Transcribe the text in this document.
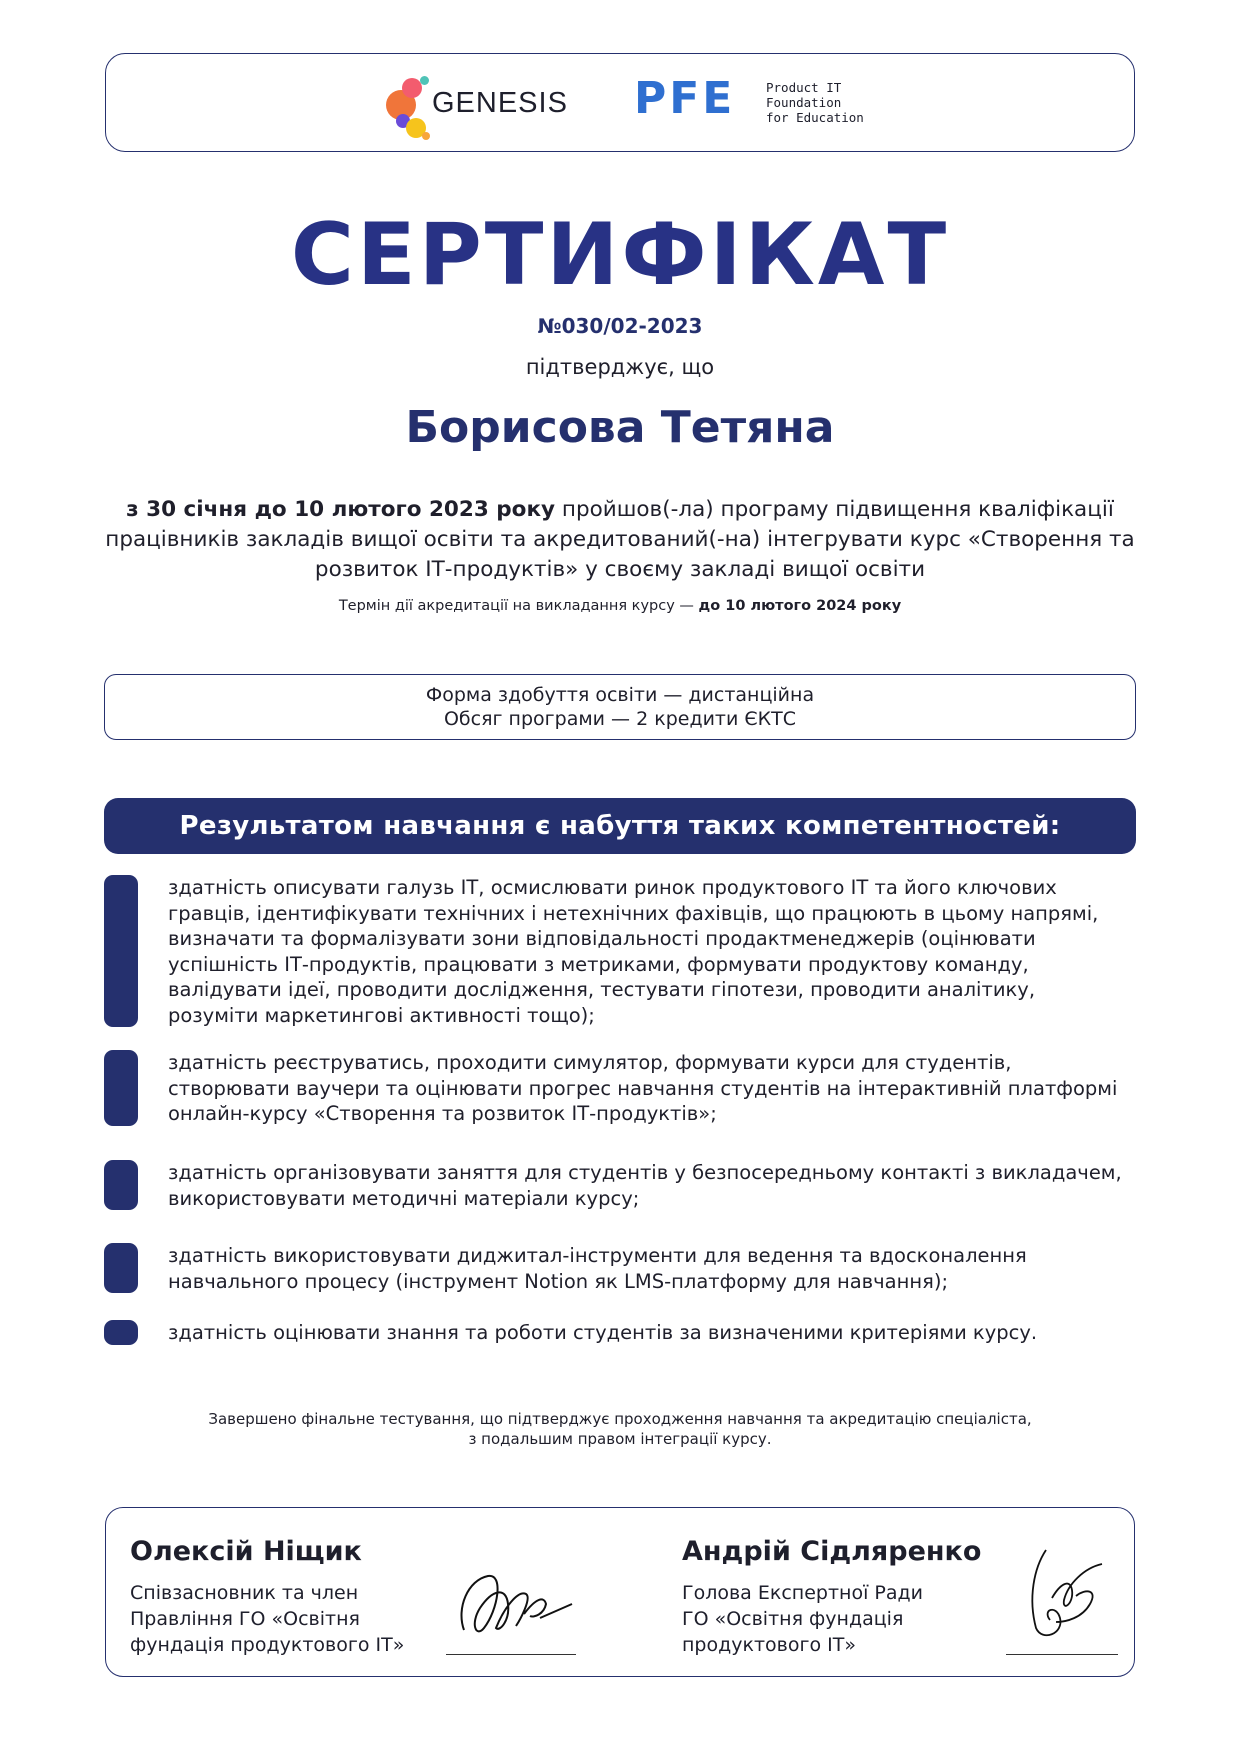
GENESIS PFE Product IT
Foundation
for Education
СЕРТИФІКАТ
№030/02-2023
підтверджує, що
Борисова Тетяна
з 30 січня до 10 лютого 2023 року пройшов(-ла) програму підвищення кваліфікації працівників закладів вищої освіти та акредитований(-на) інтегрувати курс «Створення та розвиток ІТ-продуктів» у своєму закладі вищої освіти
Термін дії акредитації на викладання курсу — до 10 лютого 2024 року
Форма здобуття освіти — дистанційна
Обсяг програми — 2 кредити ЄКТС
Результатом навчання є набуття таких компетентностей:
здатність описувати галузь ІТ, осмислювати ринок продуктового ІТ та його ключових гравців, ідентифікувати технічних і нетехнічних фахівців, що працюють в цьому напрямі, визначати та формалізувати зони відповідальності продактменеджерів (оцінювати успішність ІТ-продуктів, працювати з метриками, формувати продуктову команду, валідувати ідеї, проводити дослідження, тестувати гіпотези, проводити аналітику, розуміти маркетингові активності тощо);
здатність реєструватись, проходити симулятор, формувати курси для студентів, створювати ваучери та оцінювати прогрес навчання студентів на інтерактивній платформі онлайн-курсу «Створення та розвиток ІТ-продуктів»;
здатність організовувати заняття для студентів у безпосередньому контакті з викладачем, використовувати методичні матеріали курсу;
здатність використовувати диджитал-інструменти для ведення та вдосконалення навчального процесу (інструмент Notion як LMS-платформу для навчання);
здатність оцінювати знання та роботи студентів за визначеними критеріями курсу.
Завершено фінальне тестування, що підтверджує проходження навчання та акредитацію спеціаліста,
з подальшим правом інтеграції курсу.
Олексій Ніщик
Співзасновник та член
Правління ГО «Освітня
фундація продуктового ІТ»
Андрій Сідляренко
Голова Експертної Ради
ГО «Освітня фундація
продуктового ІТ»
